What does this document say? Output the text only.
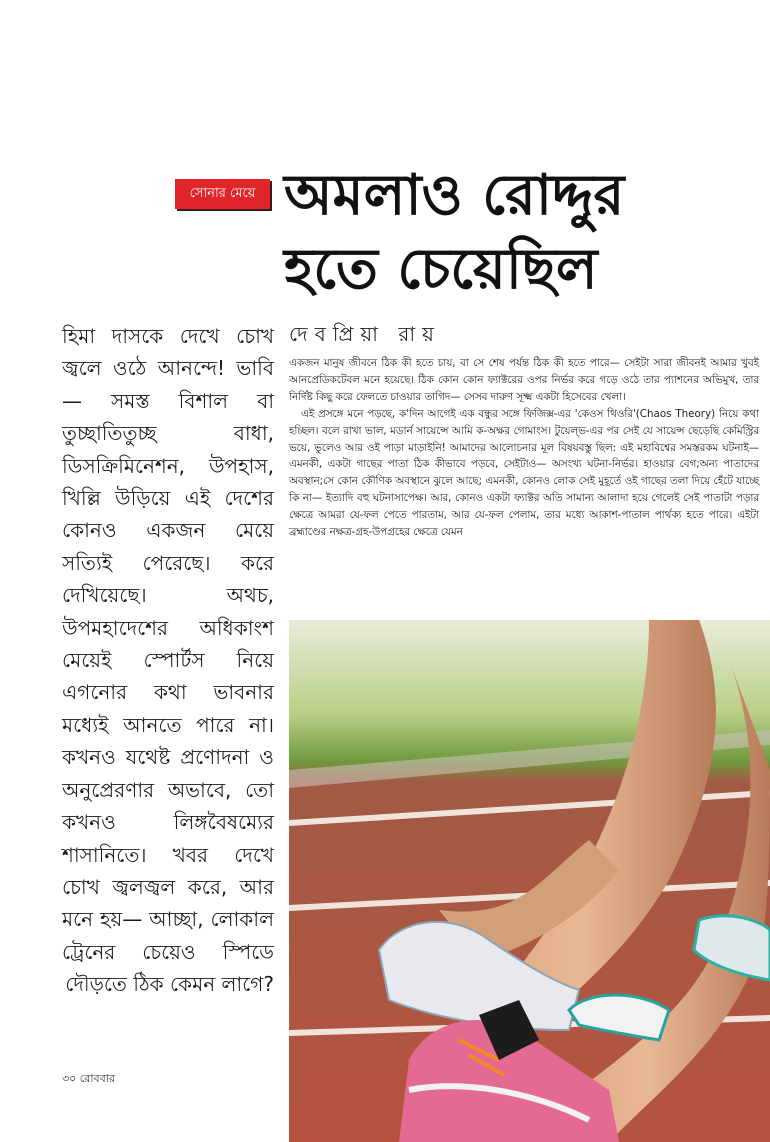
সোনার মেয়ে অমলাও রোদ্দুর
হতে চেয়েছিল
হিমা দাসকে দেখে চোখ জ্বলে ওঠে আনন্দে! ভাবি— সমস্ত বিশাল বা তুচ্ছাতিতুচ্ছ বাধা, ডিসক্রিমিনেশন, উপহাস, খিল্লি উড়িয়ে এই দেশের কোনও একজন মেয়ে সত্যিই পেরেছে। করে দেখিয়েছে। অথচ, উপমহাদেশের অধিকাংশ মেয়েই স্পোর্টস নিয়ে এগনোর কথা ভাবনার মধ্যেই আনতে পারে না। কখনও যথেষ্ট প্রণোদনা ও অনুপ্রেরণার অভাবে, তো কখনও লিঙ্গবৈষম্যের শাসানিতে। খবর দেখে চোখ জ্বলজ্বল করে, আর মনে হয়— আচ্ছা, লোকাল ট্রেনের চেয়েও স্পিডে দৌড়তে ঠিক কেমন লাগে?
দেবপ্রিয়া রায়

একজন মানুষ জীবনে ঠিক কী হতে চায়, বা সে শেষ পর্যন্ত ঠিক কী হতে পারে— সেইটা সারা জীবনই আমার খুবই আনপ্রেডিকটেবল মনে হয়েছে। ঠিক কোন কোন ফ্যাক্টরের ওপর নির্ভর করে গড়ে ওঠে তার প্যাশনের অভিমুখ, তার নির্দিষ্ট কিছু করে ফেলতে চাওয়ার তাগিদ— সেসব দারুণ সূক্ষ্ম একটা হিসেবের খেলা।

এই প্রসঙ্গে মনে পড়ছে, ক'দিন আগেই এক বন্ধুর সঙ্গে ফিজিক্স-এর 'কেওস থিওরি'(Chaos Theory) নিয়ে কথা হচ্ছিল। বলে রাখা ভাল, মডার্ন সায়েন্সে আমি ক-অক্ষর গোমাংস। টুয়েল্‌ভ-এর পর সেই যে সায়েন্স ছেড়েছি কেমিস্ট্রির ভয়ে, ভুলেও আর ওই পাড়া মাড়াইনি! আমাদের আলোচনার মূল বিষয়বস্তু ছিল: এই মহাবিশ্বের সমস্তরকম ঘটনাই— এমনকী, একটা গাছের পাতা ঠিক কীভাবে পড়বে, সেইটাও— অসংখ্য ঘটনা-নির্ভর। হাওয়ার বেগ;অন্য পাতাদের অবস্থান;সে কোন কৌণিক অবস্থানে ঝুলে আছে; এমনকী, কোনও লোক সেই মুহূর্তে ওই গাছের তলা দিয়ে হেঁটে যাচ্ছে কি না— ইত্যাদি বহু ঘটনাসাপেক্ষ। আর, কোনও একটা ফ্যাক্টর অতি সামান্য আলাদা হয়ে গেলেই সেই পাতাটা পড়ার ক্ষেত্রে আমরা যে-ফল পেতে পারতাম, আর যে-ফল পেলাম, তার মধ্যে আকাশ-পাতাল পার্থক্য হতে পারে। এইটা ব্রহ্মাণ্ডের নক্ষত্র-গ্রহ-উপগ্রহের ক্ষেত্রে যেমন

৩০ রোববার
